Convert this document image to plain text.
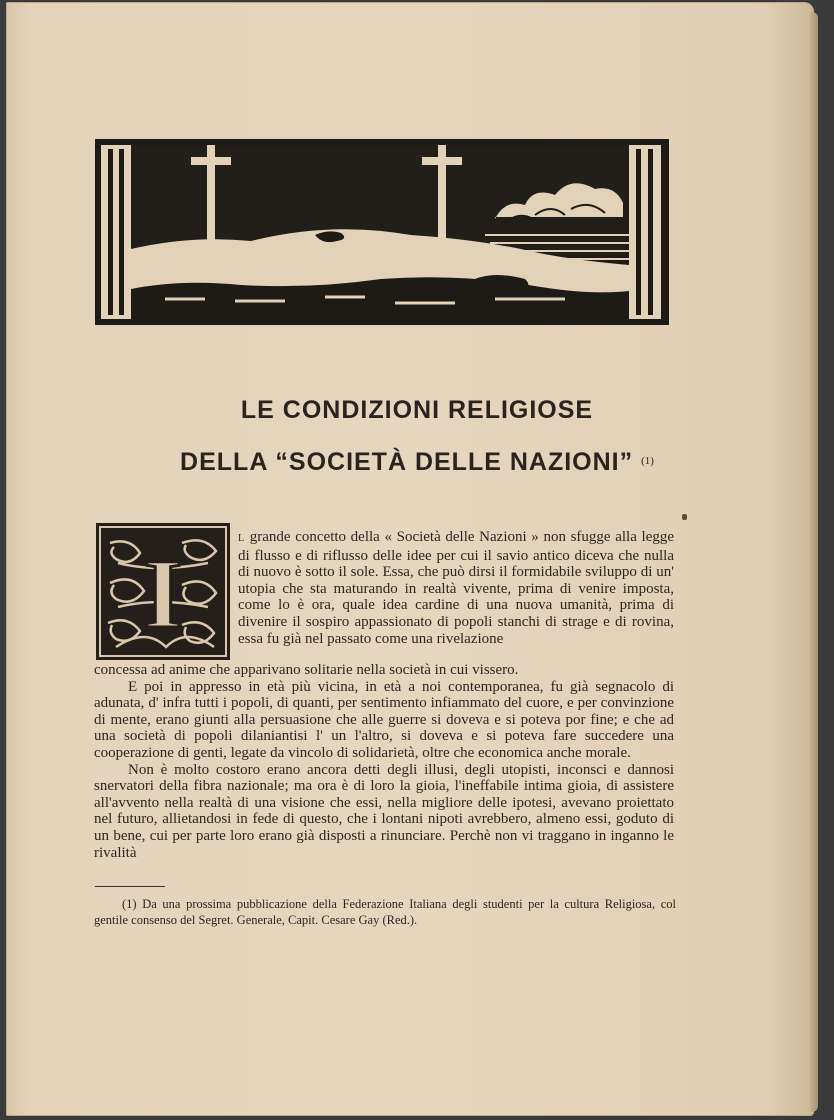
LE CONDIZIONI RELIGIOSE
DELLA “SOCIETÀ DELLE NAZIONI” $^{(1)}$
I	L grande concetto della « Società delle Nazioni » non sfugge alla legge di flusso e di riflusso delle idee per cui il savio antico diceva che nulla di nuovo è sotto il sole. Essa, che può dirsi il formidabile sviluppo di un' utopia che sta maturando in realtà vivente, prima di venire imposta, come lo è ora, quale idea cardine di una nuova umanità, prima di divenire il sospiro appassionato di popoli stanchi di strage e di rovina, essa fu già nel passato come una rivelazione

concessa ad anime che apparivano solitarie nella società in cui vissero.

E poi in appresso in età più vicina, in età a noi contemporanea, fu già segnacolo di adunata, d' infra tutti i popoli, di quanti, per sentimento infiammato del cuore, e per convinzione di mente, erano giunti alla persuasione che alle guerre si doveva e si poteva por fine; e che ad una società di popoli dilaniantisi l' un l'altro, si doveva e si poteva fare succedere una cooperazione di genti, legate da vincolo di solidarietà, oltre che economica anche morale.

Non è molto costoro erano ancora detti degli illusi, degli utopisti, inconsci e dannosi snervatori della fibra nazionale; ma ora è di loro la gioia, l'ineffabile intima gioia, di assistere all'avvento nella realtà di una visione che essi, nella migliore delle ipotesi, avevano proiettato nel futuro, allietandosi in fede di questo, che i lontani nipoti avrebbero, almeno essi, goduto di un bene, cui per parte loro erano già disposti a rinunciare. Perchè non vi traggano in inganno le rivalità

(1) Da una prossima pubblicazione della Federazione Italiana degli studenti per la cultura Religiosa, col gentile consenso del Segret. Generale, Capit. Cesare Gay (Red.).
